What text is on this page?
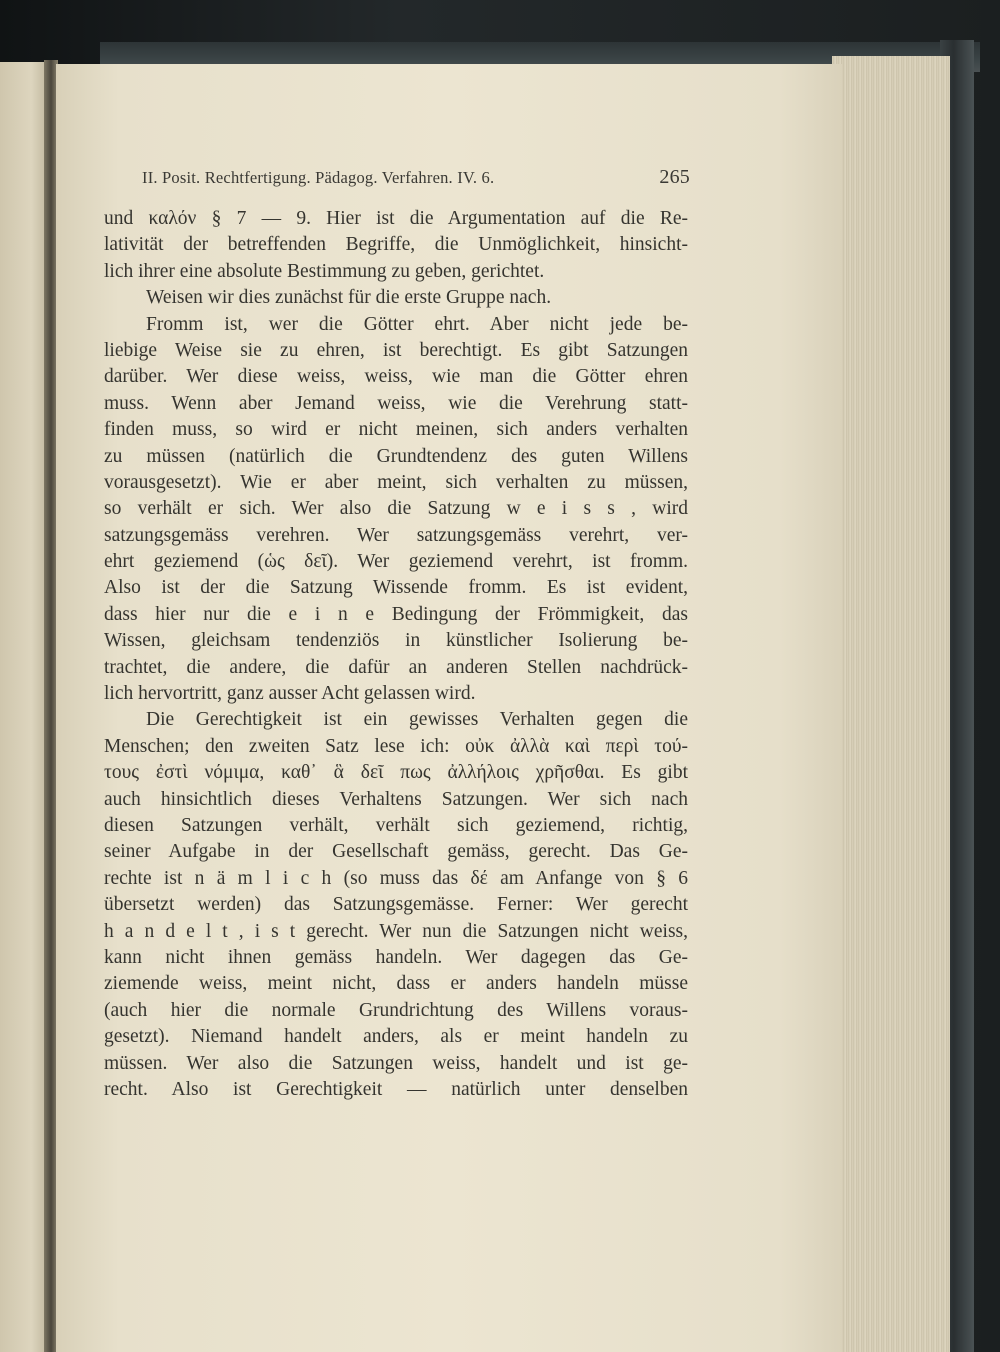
II. Posit. Rechtfertigung. Pädagog. Verfahren. IV. 6.	265
und καλόν § 7 — 9. Hier ist die Argumentation auf die Re-
lativität der betreffenden Begriffe, die Unmöglichkeit, hinsicht-
lich ihrer eine absolute Bestimmung zu geben, gerichtet.
Weisen wir dies zunächst für die erste Gruppe nach.
Fromm ist, wer die Götter ehrt. Aber nicht jede be-
liebige Weise sie zu ehren, ist berechtigt. Es gibt Satzungen
darüber. Wer diese weiss, weiss, wie man die Götter ehren
muss. Wenn aber Jemand weiss, wie die Verehrung statt-
finden muss, so wird er nicht meinen, sich anders verhalten
zu müssen (natürlich die Grundtendenz des guten Willens
vorausgesetzt). Wie er aber meint, sich verhalten zu müssen,
so verhält er sich. Wer also die Satzung w e i s s , wird
satzungsgemäss verehren. Wer satzungsgemäss verehrt, ver-
ehrt geziemend (ὡς δεῖ). Wer geziemend verehrt, ist fromm.
Also ist der die Satzung Wissende fromm. Es ist evident,
dass hier nur die e i n e Bedingung der Frömmigkeit, das
Wissen, gleichsam tendenziös in künstlicher Isolierung be-
trachtet, die andere, die dafür an anderen Stellen nachdrück-
lich hervortritt, ganz ausser Acht gelassen wird.
Die Gerechtigkeit ist ein gewisses Verhalten gegen die
Menschen; den zweiten Satz lese ich: οὐκ ἀλλὰ καὶ περὶ τού-
τους ἐστὶ νόμιμα, καθ᾽ ἃ δεῖ πως ἀλλήλοις χρῆσθαι. Es gibt
auch hinsichtlich dieses Verhaltens Satzungen. Wer sich nach
diesen Satzungen verhält, verhält sich geziemend, richtig,
seiner Aufgabe in der Gesellschaft gemäss, gerecht. Das Ge-
rechte ist n ä m l i c h (so muss das δέ am Anfange von § 6
übersetzt werden) das Satzungsgemässe. Ferner: Wer gerecht
h a n d e l t , i s t gerecht. Wer nun die Satzungen nicht weiss,
kann nicht ihnen gemäss handeln. Wer dagegen das Ge-
ziemende weiss, meint nicht, dass er anders handeln müsse
(auch hier die normale Grundrichtung des Willens voraus-
gesetzt). Niemand handelt anders, als er meint handeln zu
müssen. Wer also die Satzungen weiss, handelt und ist ge-
recht. Also ist Gerechtigkeit — natürlich unter denselben
